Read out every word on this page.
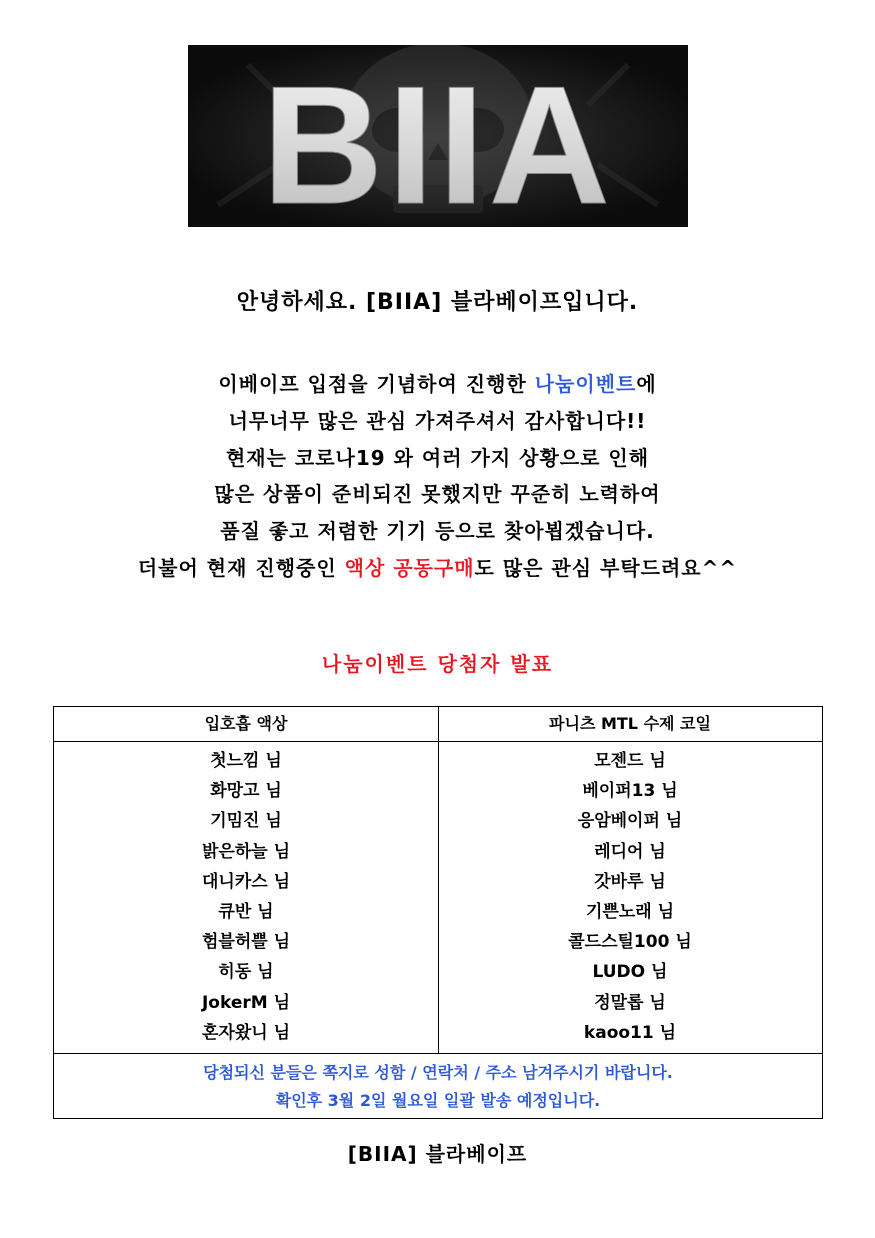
BIIA
안녕하세요. [BIIA] 블라베이프입니다.
이베이프 입점을 기념하여 진행한 나눔이벤트에
너무너무 많은 관심 가져주셔서 감사합니다!!
현재는 코로나19 와 여러 가지 상황으로 인해
많은 상품이 준비되진 못했지만 꾸준히 노력하여
품질 좋고 저렴한 기기 등으로 찾아뵙겠습니다.
더불어 현재 진행중인 액상 공동구매도 많은 관심 부탁드려요^^
나눔이벤트 당첨자 발표
입호흡 액상	파니츠 MTL 수제 코일
첫느낌 님
화망고 님
기밈진 님
밝은하늘 님
대니카스 님
큐반 님
험블허쁠 님
히동 님
JokerM 님
혼자왔니 님
모젠드 님
베이퍼13 님
응암베이퍼 님
레디어 님
갓바루 님
기쁜노래 님
콜드스틸100 님
LUDO 님
정말롭 님
kaoo11 님
당첨되신 분들은 쪽지로 성함 / 연락처 / 주소 남겨주시기 바랍니다.
확인후 3월 2일 월요일 일괄 발송 예정입니다.
[BIIA] 블라베이프
